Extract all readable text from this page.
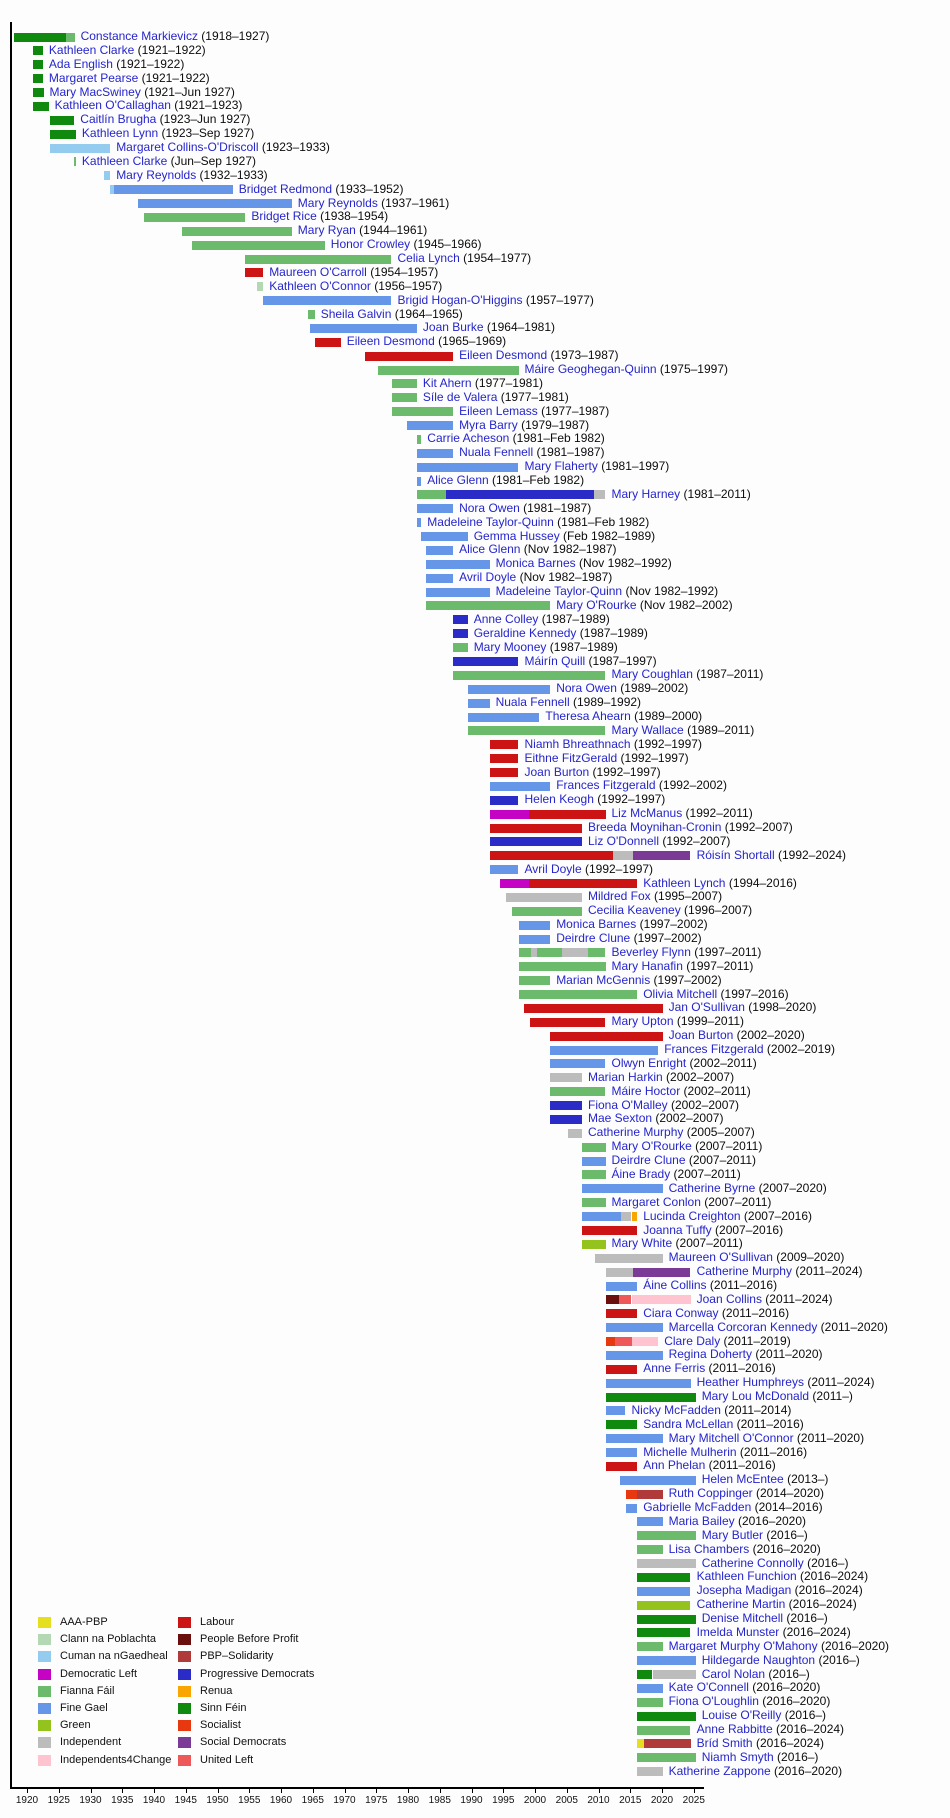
Constance Markievicz (1918–1927)
Kathleen Clarke (1921–1922)
Ada English (1921–1922)
Margaret Pearse (1921–1922)
Mary MacSwiney (1921–Jun 1927)
Kathleen O'Callaghan (1921–1923)
Caitlín Brugha (1923–Jun 1927)
Kathleen Lynn (1923–Sep 1927)
Margaret Collins-O'Driscoll (1923–1933)
Kathleen Clarke (Jun–Sep 1927)
Mary Reynolds (1932–1933)
Bridget Redmond (1933–1952)
Mary Reynolds (1937–1961)
Bridget Rice (1938–1954)
Mary Ryan (1944–1961)
Honor Crowley (1945–1966)
Celia Lynch (1954–1977)
Maureen O'Carroll (1954–1957)
Kathleen O'Connor (1956–1957)
Brigid Hogan-O'Higgins (1957–1977)
Sheila Galvin (1964–1965)
Joan Burke (1964–1981)
Eileen Desmond (1965–1969)
Eileen Desmond (1973–1987)
Máire Geoghegan-Quinn (1975–1997)
Kit Ahern (1977–1981)
Síle de Valera (1977–1981)
Eileen Lemass (1977–1987)
Myra Barry (1979–1987)
Carrie Acheson (1981–Feb 1982)
Nuala Fennell (1981–1987)
Mary Flaherty (1981–1997)
Alice Glenn (1981–Feb 1982)
Mary Harney (1981–2011)
Nora Owen (1981–1987)
Madeleine Taylor-Quinn (1981–Feb 1982)
Gemma Hussey (Feb 1982–1989)
Alice Glenn (Nov 1982–1987)
Monica Barnes (Nov 1982–1992)
Avril Doyle (Nov 1982–1987)
Madeleine Taylor-Quinn (Nov 1982–1992)
Mary O'Rourke (Nov 1982–2002)
Anne Colley (1987–1989)
Geraldine Kennedy (1987–1989)
Mary Mooney (1987–1989)
Máirín Quill (1987–1997)
Mary Coughlan (1987–2011)
Nora Owen (1989–2002)
Nuala Fennell (1989–1992)
Theresa Ahearn (1989–2000)
Mary Wallace (1989–2011)
Niamh Bhreathnach (1992–1997)
Eithne FitzGerald (1992–1997)
Joan Burton (1992–1997)
Frances Fitzgerald (1992–2002)
Helen Keogh (1992–1997)
Liz McManus (1992–2011)
Breeda Moynihan-Cronin (1992–2007)
Liz O'Donnell (1992–2007)
Róisín Shortall (1992–2024)
Avril Doyle (1992–1997)
Kathleen Lynch (1994–2016)
Mildred Fox (1995–2007)
Cecilia Keaveney (1996–2007)
Monica Barnes (1997–2002)
Deirdre Clune (1997–2002)
Beverley Flynn (1997–2011)
Mary Hanafin (1997–2011)
Marian McGennis (1997–2002)
Olivia Mitchell (1997–2016)
Jan O'Sullivan (1998–2020)
Mary Upton (1999–2011)
Joan Burton (2002–2020)
Frances Fitzgerald (2002–2019)
Olwyn Enright (2002–2011)
Marian Harkin (2002–2007)
Máire Hoctor (2002–2011)
Fiona O'Malley (2002–2007)
Mae Sexton (2002–2007)
Catherine Murphy (2005–2007)
Mary O'Rourke (2007–2011)
Deirdre Clune (2007–2011)
Áine Brady (2007–2011)
Catherine Byrne (2007–2020)
Margaret Conlon (2007–2011)
Lucinda Creighton (2007–2016)
Joanna Tuffy (2007–2016)
Mary White (2007–2011)
Maureen O'Sullivan (2009–2020)
Catherine Murphy (2011–2024)
Áine Collins (2011–2016)
Joan Collins (2011–2024)
Ciara Conway (2011–2016)
Marcella Corcoran Kennedy (2011–2020)
Clare Daly (2011–2019)
Regina Doherty (2011–2020)
Anne Ferris (2011–2016)
Heather Humphreys (2011–2024)
Mary Lou McDonald (2011–)
Nicky McFadden (2011–2014)
Sandra McLellan (2011–2016)
Mary Mitchell O'Connor (2011–2020)
Michelle Mulherin (2011–2016)
Ann Phelan (2011–2016)
Helen McEntee (2013–)
Ruth Coppinger (2014–2020)
Gabrielle McFadden (2014–2016)
Maria Bailey (2016–2020)
Mary Butler (2016–)
Lisa Chambers (2016–2020)
Catherine Connolly (2016–)
Kathleen Funchion (2016–2024)
Josepha Madigan (2016–2024)
Catherine Martin (2016–2024)
Denise Mitchell (2016–)
Imelda Munster (2016–2024)
Margaret Murphy O'Mahony (2016–2020)
Hildegarde Naughton (2016–)
Carol Nolan (2016–)
Kate O'Connell (2016–2020)
Fiona O'Loughlin (2016–2020)
Louise O'Reilly (2016–)
Anne Rabbitte (2016–2024)
Bríd Smith (2016–2024)
Niamh Smyth (2016–)
Katherine Zappone (2016–2020)
1920 1925 1930 1935 1940 1945 1950 1955 1960 1965 1970 1975 1980 1985 1990 1995 2000 2005 2010 2015 2020 2025
AAA-PBP
Clann na Poblachta
Cuman na nGaedheal
Democratic Left
Fianna Fáil
Fine Gael
Green
Independent
Independents4Change
Labour
People Before Profit
PBP–Solidarity
Progressive Democrats
Renua
Sinn Féin
Socialist
Social Democrats
United Left
